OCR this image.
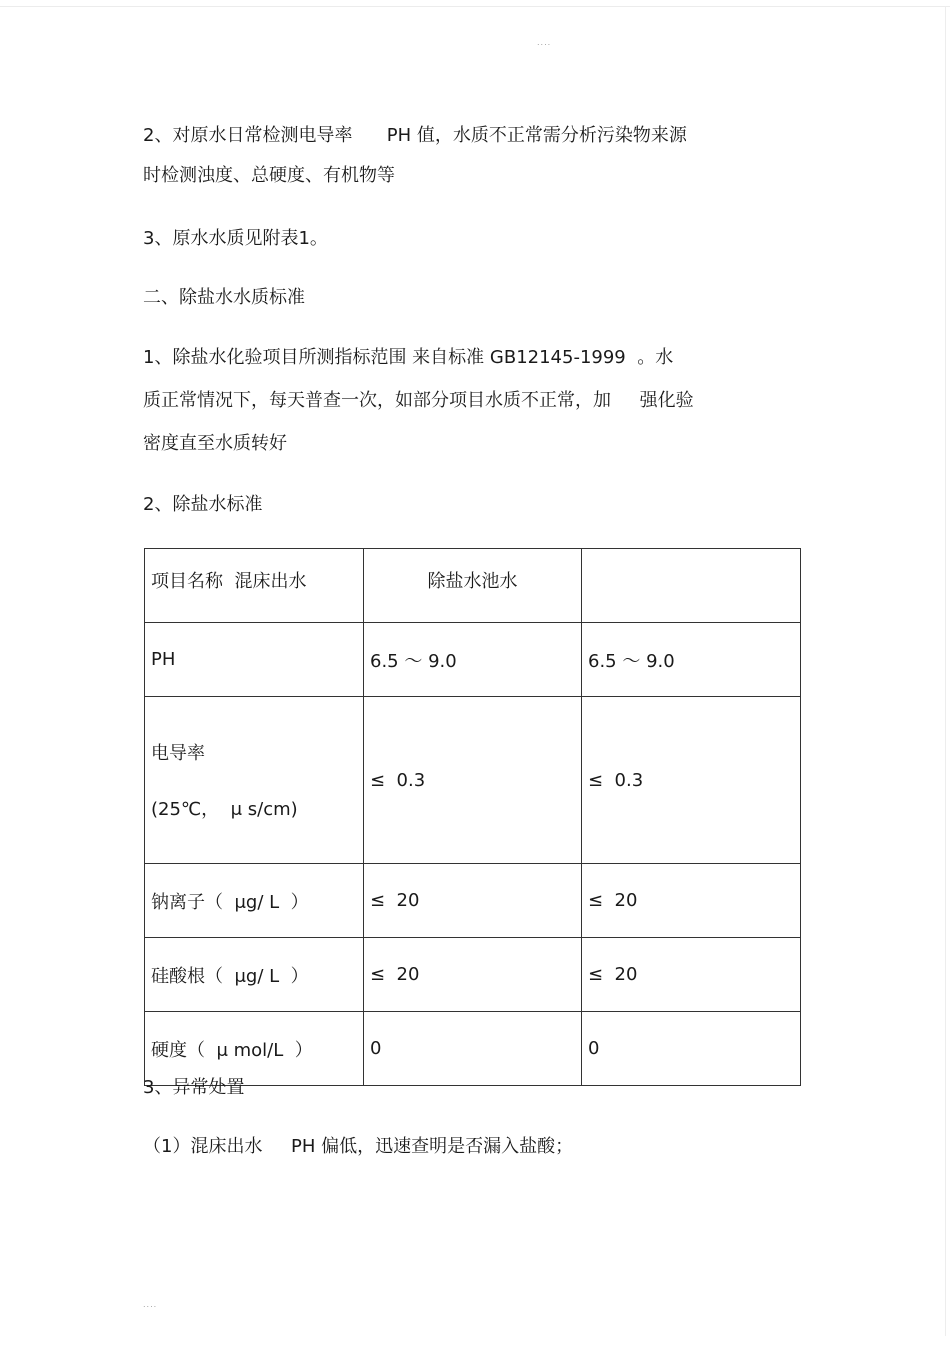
....
2、对原水日常检测电导率      PH 值，水质不正常需分析污染物来源
时检测浊度、总硬度、有机物等
3、原水水质见附表1。
二、除盐水水质标准
1、除盐水化验项目所测指标范围 来自标准 GB12145-1999  。水
质正常情况下，每天普查一次，如部分项目水质不正常，加     强化验
密度直至水质转好
2、除盐水标准
项目名称  混床出水	除盐水池水	
PH	6.5 ～ 9.0	6.5 ～ 9.0

电导率
(25℃，  μ s/cm)	≤  0.3	≤  0.3
钠离子（  μg/ L  ）	≤  20	≤  20
硅酸根（  μg/ L  ）	≤  20	≤  20
硬度（  μ mol/L  ）	0	0
3、异常处置
（1）混床出水     PH 偏低，迅速查明是否漏入盐酸；
....
